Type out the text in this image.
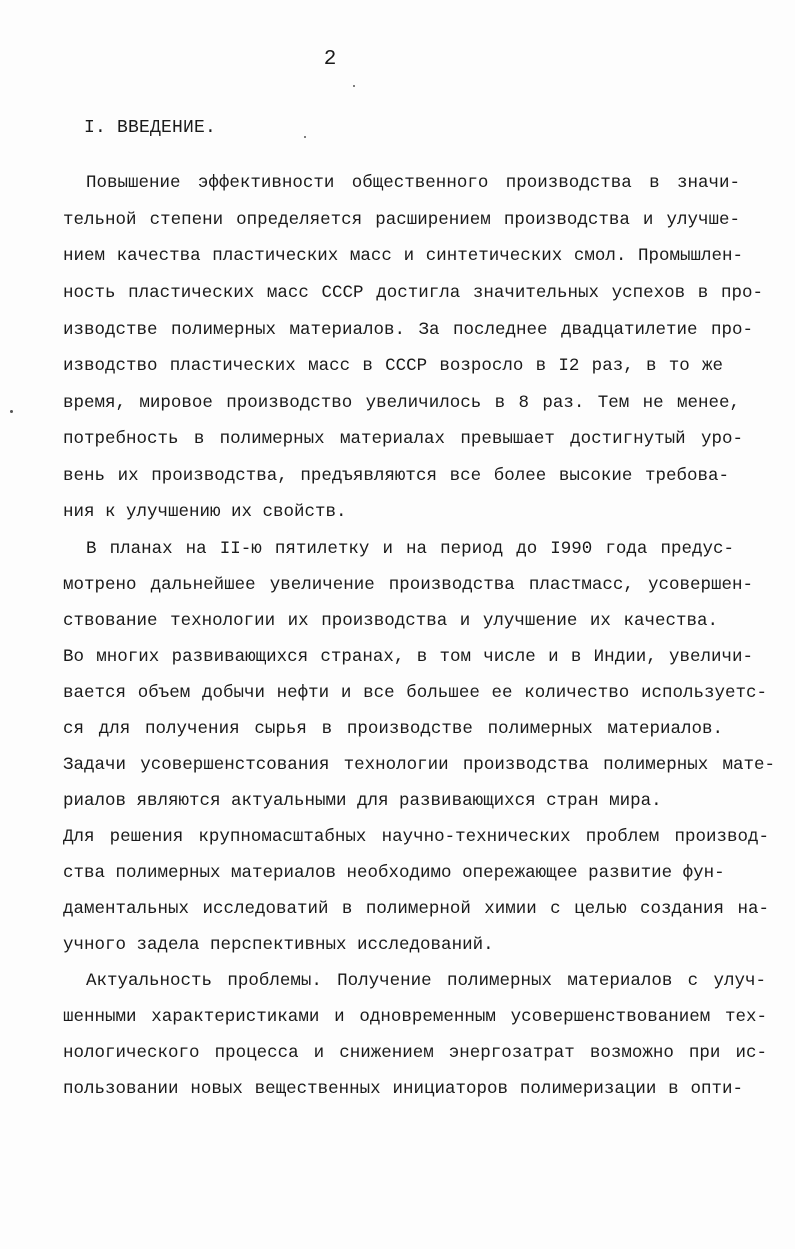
2
I. ВВЕДЕНИЕ.
Повышение эффективности общественного производства в значи-
тельной степени определяется расширением производства и улучше-
нием качества пластических масс и синтетических смол. Промышлен-
ность пластических масс СССР достигла значительных успехов в про-
изводстве полимерных материалов. За последнее двадцатилетие про-
изводство пластических масс в СССР возросло в I2 раз, в то же
время, мировое производство увеличилось в 8 раз. Тем не менее,
потребность в полимерных материалах превышает достигнутый уро-
вень их производства, предъявляются все более высокие требова-
ния к улучшению их свойств.
В планах на II-ю пятилетку и на период до I990 года предус-
мотрено дальнейшее увеличение производства пластмасс, усовершен-
ствование технологии их производства и улучшение их качества.
Во многих развивающихся странах, в том числе и в Индии, увеличи-
вается объем добычи нефти и все большее ее количество используетс-
ся для получения сырья в производстве полимерных материалов.
Задачи усовершенстсования технологии производства полимерных мате-
риалов являются актуальными для развивающихся стран мира.
Для решения крупномасштабных научно-технических проблем производ-
ства полимерных материалов необходимо опережающее развитие фун-
даментальных исследоватий в полимерной химии с целью создания на-
учного задела перспективных исследований.
Актуальность проблемы. Получение полимерных материалов с улуч-
шенными характеристиками и одновременным усовершенствованием тех-
нологического процесса и снижением энергозатрат возможно при ис-
пользовании новых вещественных инициаторов полимеризации в опти-
